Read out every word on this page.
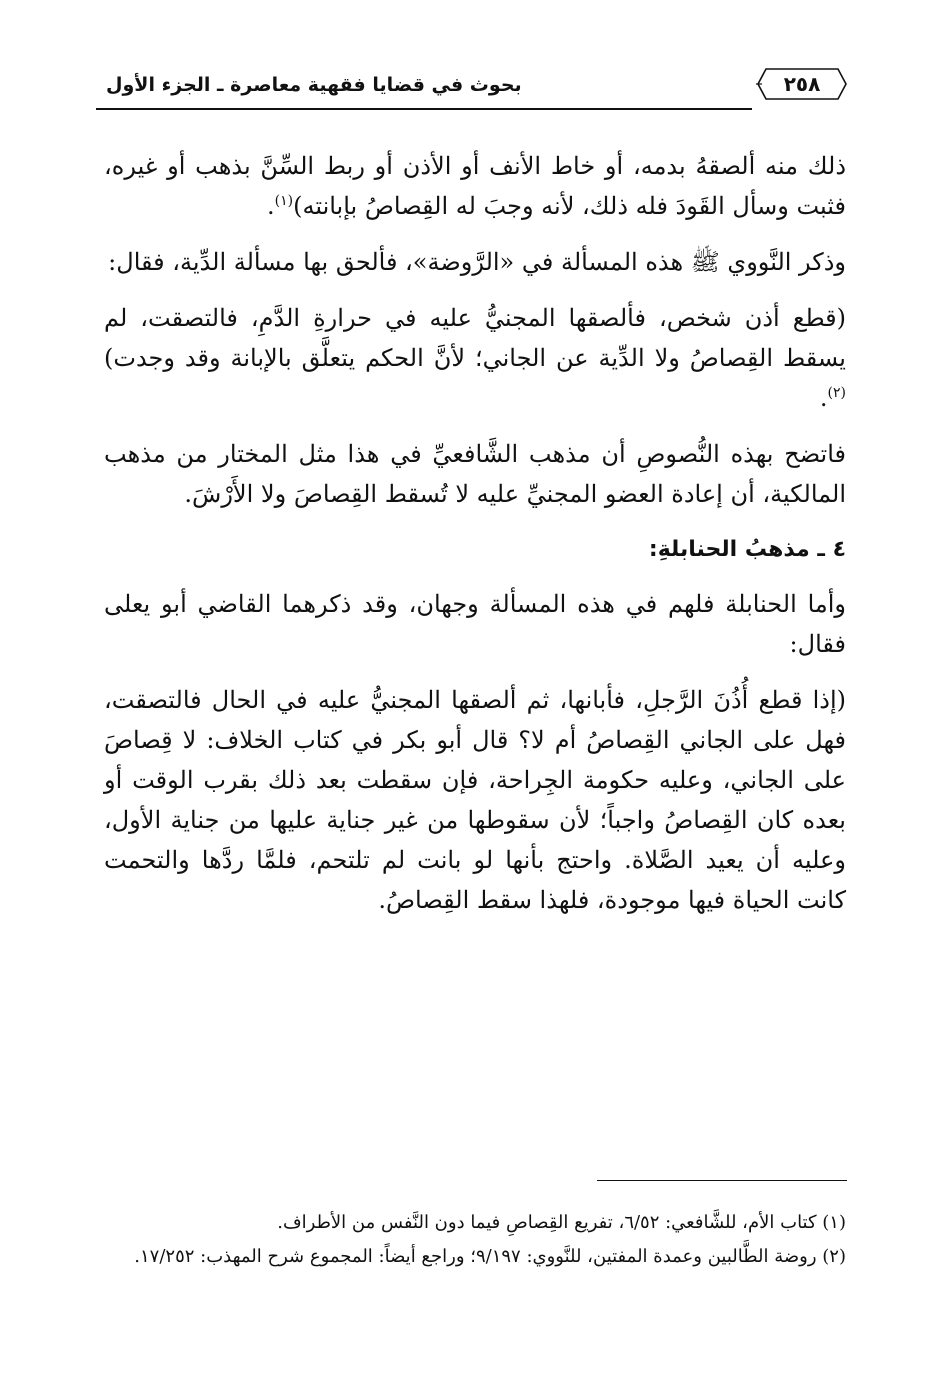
٢٥٨
بحوث في قضايا فقهية معاصرة ـ الجزء الأول

ذلك منه ألصقهُ بدمه، أو خاط الأنف أو الأذن أو ربط السِّنَّ بذهب أو غيره، فثبت وسأل القَودَ فله ذلك، لأنه وجبَ له القِصاصُ بإبانته)$^{(١)}$.

وذكر النَّووي ﷺ هذه المسألة في «الرَّوضة»، فألحق بها مسألة الدِّية، فقال:

(قطع أذن شخص، فألصقها المجنيُّ عليه في حرارةِ الدَّمِ، فالتصقت، لم يسقط القِصاصُ ولا الدِّية عن الجاني؛ لأنَّ الحكم يتعلَّق بالإبانة وقد وجدت)$^{(٢)}$.

فاتضح بهذه النُّصوصِ أن مذهب الشَّافعيِّ في هذا مثل المختار من مذهب المالكية، أن إعادة العضو المجنيِّ عليه لا تُسقط القِصاصَ ولا الأَرْشَ.

٤ ـ مذهبُ الحنابلةِ:

وأما الحنابلة فلهم في هذه المسألة وجهان، وقد ذكرهما القاضي أبو يعلى فقال:

(إذا قطع أُذُنَ الرَّجلِ، فأبانها، ثم ألصقها المجنيُّ عليه في الحال فالتصقت، فهل على الجاني القِصاصُ أم لا؟ قال أبو بكر في كتاب الخلاف: لا قِصاصَ على الجاني، وعليه حكومة الجِراحة، فإن سقطت بعد ذلك بقرب الوقت أو بعده كان القِصاصُ واجباً؛ لأن سقوطها من غير جناية عليها من جناية الأول، وعليه أن يعيد الصَّلاة. واحتج بأنها لو بانت لم تلتحم، فلمَّا ردَّها والتحمت كانت الحياة فيها موجودة، فلهذا سقط القِصاصُ.

(١) كتاب الأم، للشَّافعي: ٦/٥٢، تفريع القِصاصِ فيما دون النَّفس من الأطراف.

(٢) روضة الطَّالبين وعمدة المفتين، للنَّووي: ٩/١٩٧؛ وراجع أيضاً: المجموع شرح المهذب: ١٧/٢٥٢.
